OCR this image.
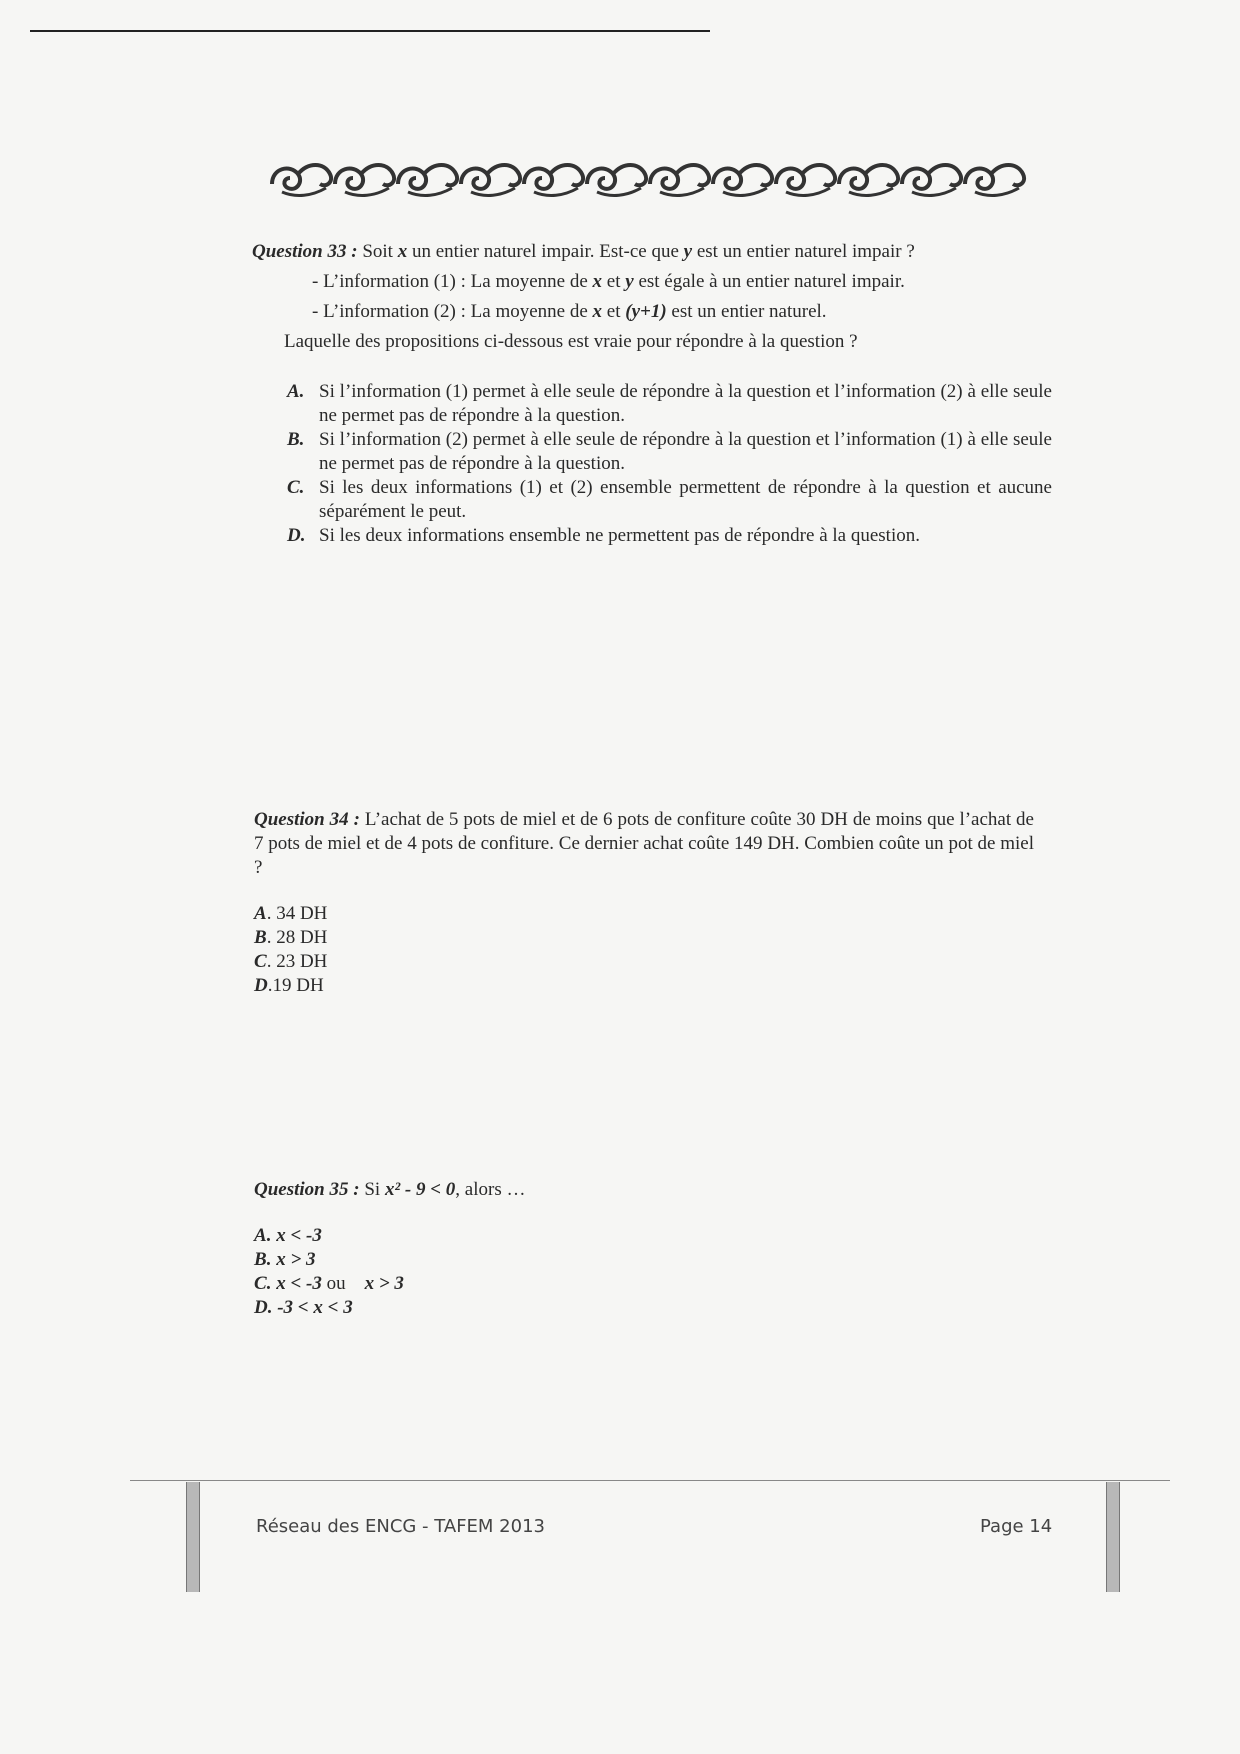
Question 33 : Soit x un entier naturel impair. Est-ce que y est un entier naturel impair ?
- L’information (1) : La moyenne de x et y est égale à un entier naturel impair.
- L’information (2) : La moyenne de x et (y+1) est un entier naturel.
Laquelle des propositions ci-dessous est vraie pour répondre à la question ?
A. Si l’information (1) permet à elle seule de répondre à la question et l’information (2) à elle seule ne permet pas de répondre à la question.
B. Si l’information (2) permet à elle seule de répondre à la question et l’information (1) à elle seule ne permet pas de répondre à la question.
C. Si les deux informations (1) et (2) ensemble permettent de répondre à la question et aucune séparément le peut.
D. Si les deux informations ensemble ne permettent pas de répondre à la question.
Question 34 : L’achat de 5 pots de miel et de 6 pots de confiture coûte 30 DH de moins que l’achat de 7 pots de miel et de 4 pots de confiture. Ce dernier achat coûte 149 DH. Combien coûte un pot de miel ?
A. 34 DH
B. 28 DH
C. 23 DH
D.19 DH
Question 35 : Si x² - 9 < 0, alors …
A. x < -3
B. x > 3
C. x < -3 ou    x > 3
D. -3 < x < 3
Réseau des ENCG - TAFEM 2013	Page 14
